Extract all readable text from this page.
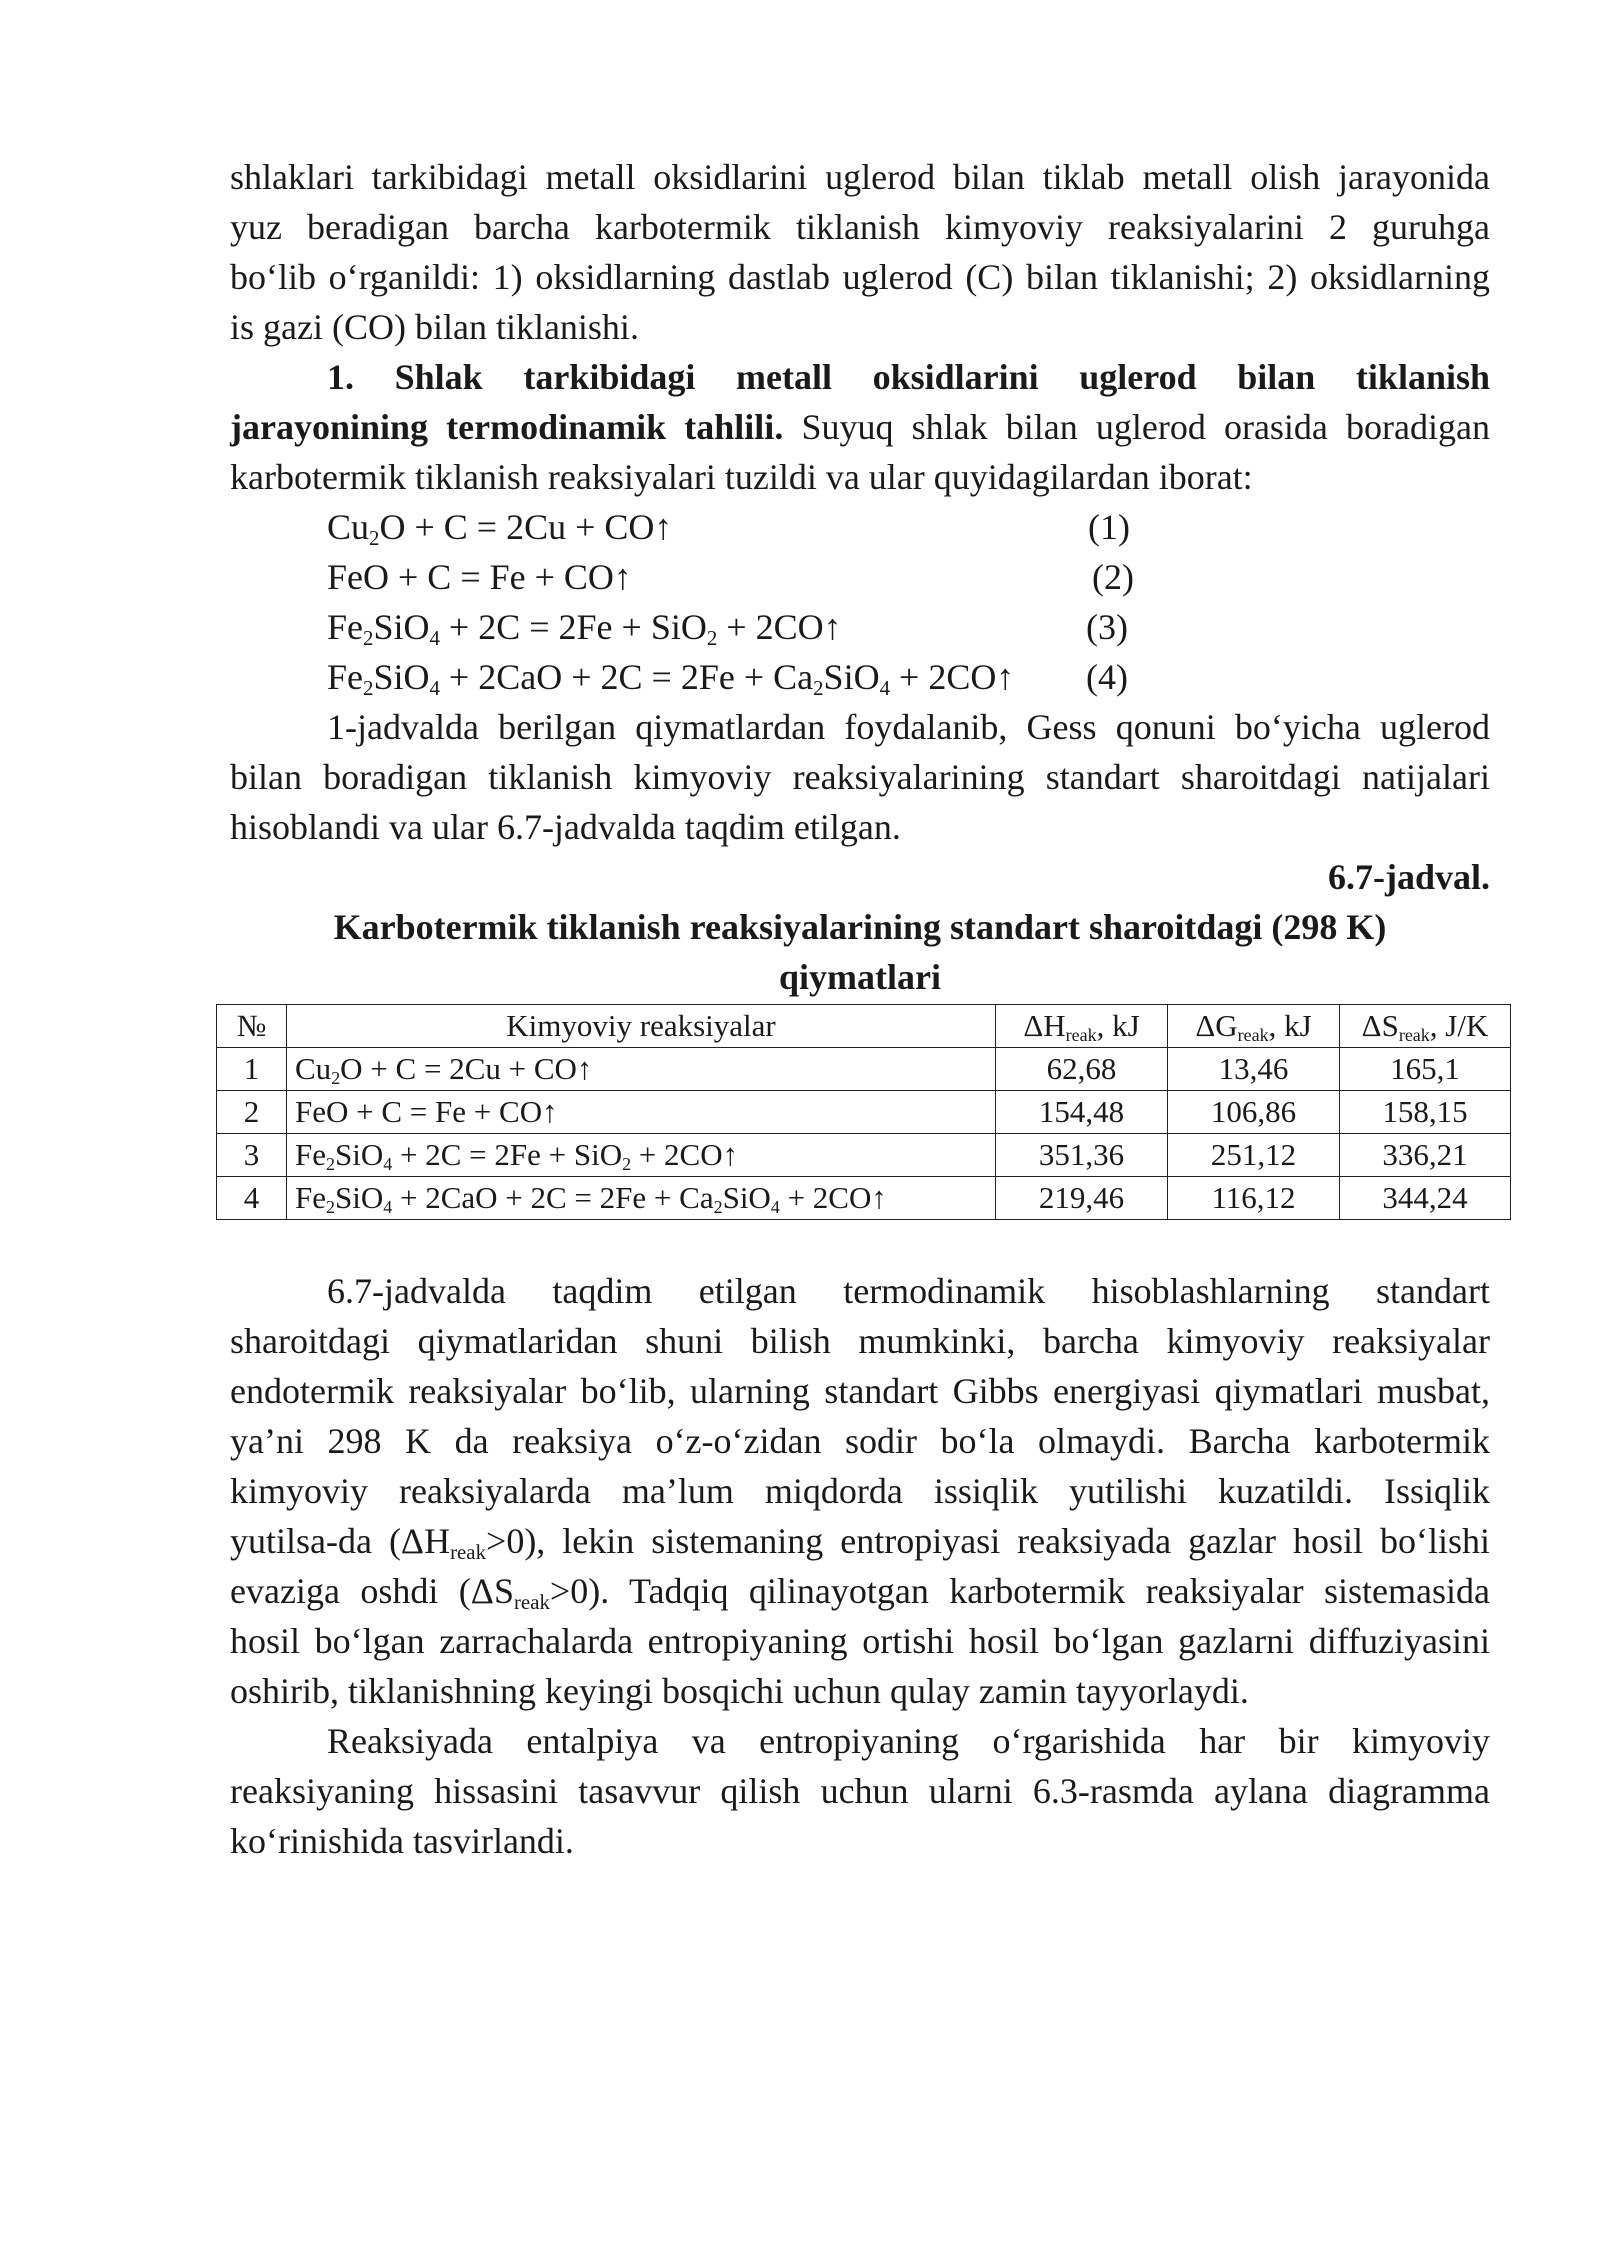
shlaklari tarkibidagi metall oksidlarini uglerod bilan tiklab metall olish jarayonida
yuz beradigan barcha karbotermik tiklanish kimyoviy reaksiyalarini 2 guruhga
bo‘lib o‘rganildi: 1) oksidlarning dastlab uglerod (C) bilan tiklanishi; 2) oksidlarning
is gazi (CO) bilan tiklanishi.
1. Shlak tarkibidagi metall oksidlarini uglerod bilan tiklanish
jarayonining termodinamik tahlili. Suyuq shlak bilan uglerod orasida boradigan
karbotermik tiklanish reaksiyalari tuzildi va ular quyidagilardan iborat:
$Cu_2O + C = 2Cu$ + CO↑	(1)
FeO + C = Fe + CO↑	(2)
$Fe_2SiO_4 + 2C = 2Fe + SiO_2$ + 2CO↑	(3)
$Fe_2SiO_4 + 2CaO + 2C = 2Fe + Ca_2SiO_4$ + 2CO↑ (4)
1-jadvalda berilgan qiymatlardan foydalanib, Gess qonuni bo‘yicha uglerod
bilan boradigan tiklanish kimyoviy reaksiyalarining standart sharoitdagi natijalari
hisoblandi va ular 6.7-jadvalda taqdim etilgan.
6.7-jadval.
Karbotermik tiklanish reaksiyalarining standart sharoitdagi (298 K)
qiymatlari
№	Kimyoviy reaksiyalar	$\Delta H_{reak}$, kJ	$\Delta G_{reak}$, kJ	$\Delta S_{reak}$, J/K
1	$Cu_2O + C = 2Cu$ + CO↑	62,68	13,46	165,1
2	FeO + C = Fe + CO↑	154,48	106,86	158,15
3	$Fe_2SiO_4 + 2C = 2Fe + SiO_2$ + 2CO↑	351,36	251,12	336,21
4	$Fe_2SiO_4 + 2CaO + 2C = 2Fe + Ca_2SiO_4$ + 2CO↑	219,46	116,12	344,24
6.7-jadvalda taqdim etilgan termodinamik hisoblashlarning standart
sharoitdagi qiymatlaridan shuni bilish mumkinki, barcha kimyoviy reaksiyalar
endotermik reaksiyalar bo‘lib, ularning standart Gibbs energiyasi qiymatlari musbat,
ya’ni 298 K da reaksiya o‘z-o‘zidan sodir bo‘la olmaydi. Barcha karbotermik
kimyoviy reaksiyalarda ma’lum miqdorda issiqlik yutilishi kuzatildi. Issiqlik
yutilsa-da $(\Delta H_{reak}>0)$, lekin sistemaning entropiyasi reaksiyada gazlar hosil bo‘lishi
evaziga oshdi $(\Delta S_{reak}>0)$. Tadqiq qilinayotgan karbotermik reaksiyalar sistemasida
hosil bo‘lgan zarrachalarda entropiyaning ortishi hosil bo‘lgan gazlarni diffuziyasini
oshirib, tiklanishning keyingi bosqichi uchun qulay zamin tayyorlaydi.
Reaksiyada entalpiya va entropiyaning o‘rgarishida har bir kimyoviy
reaksiyaning hissasini tasavvur qilish uchun ularni 6.3-rasmda aylana diagramma
ko‘rinishida tasvirlandi.
